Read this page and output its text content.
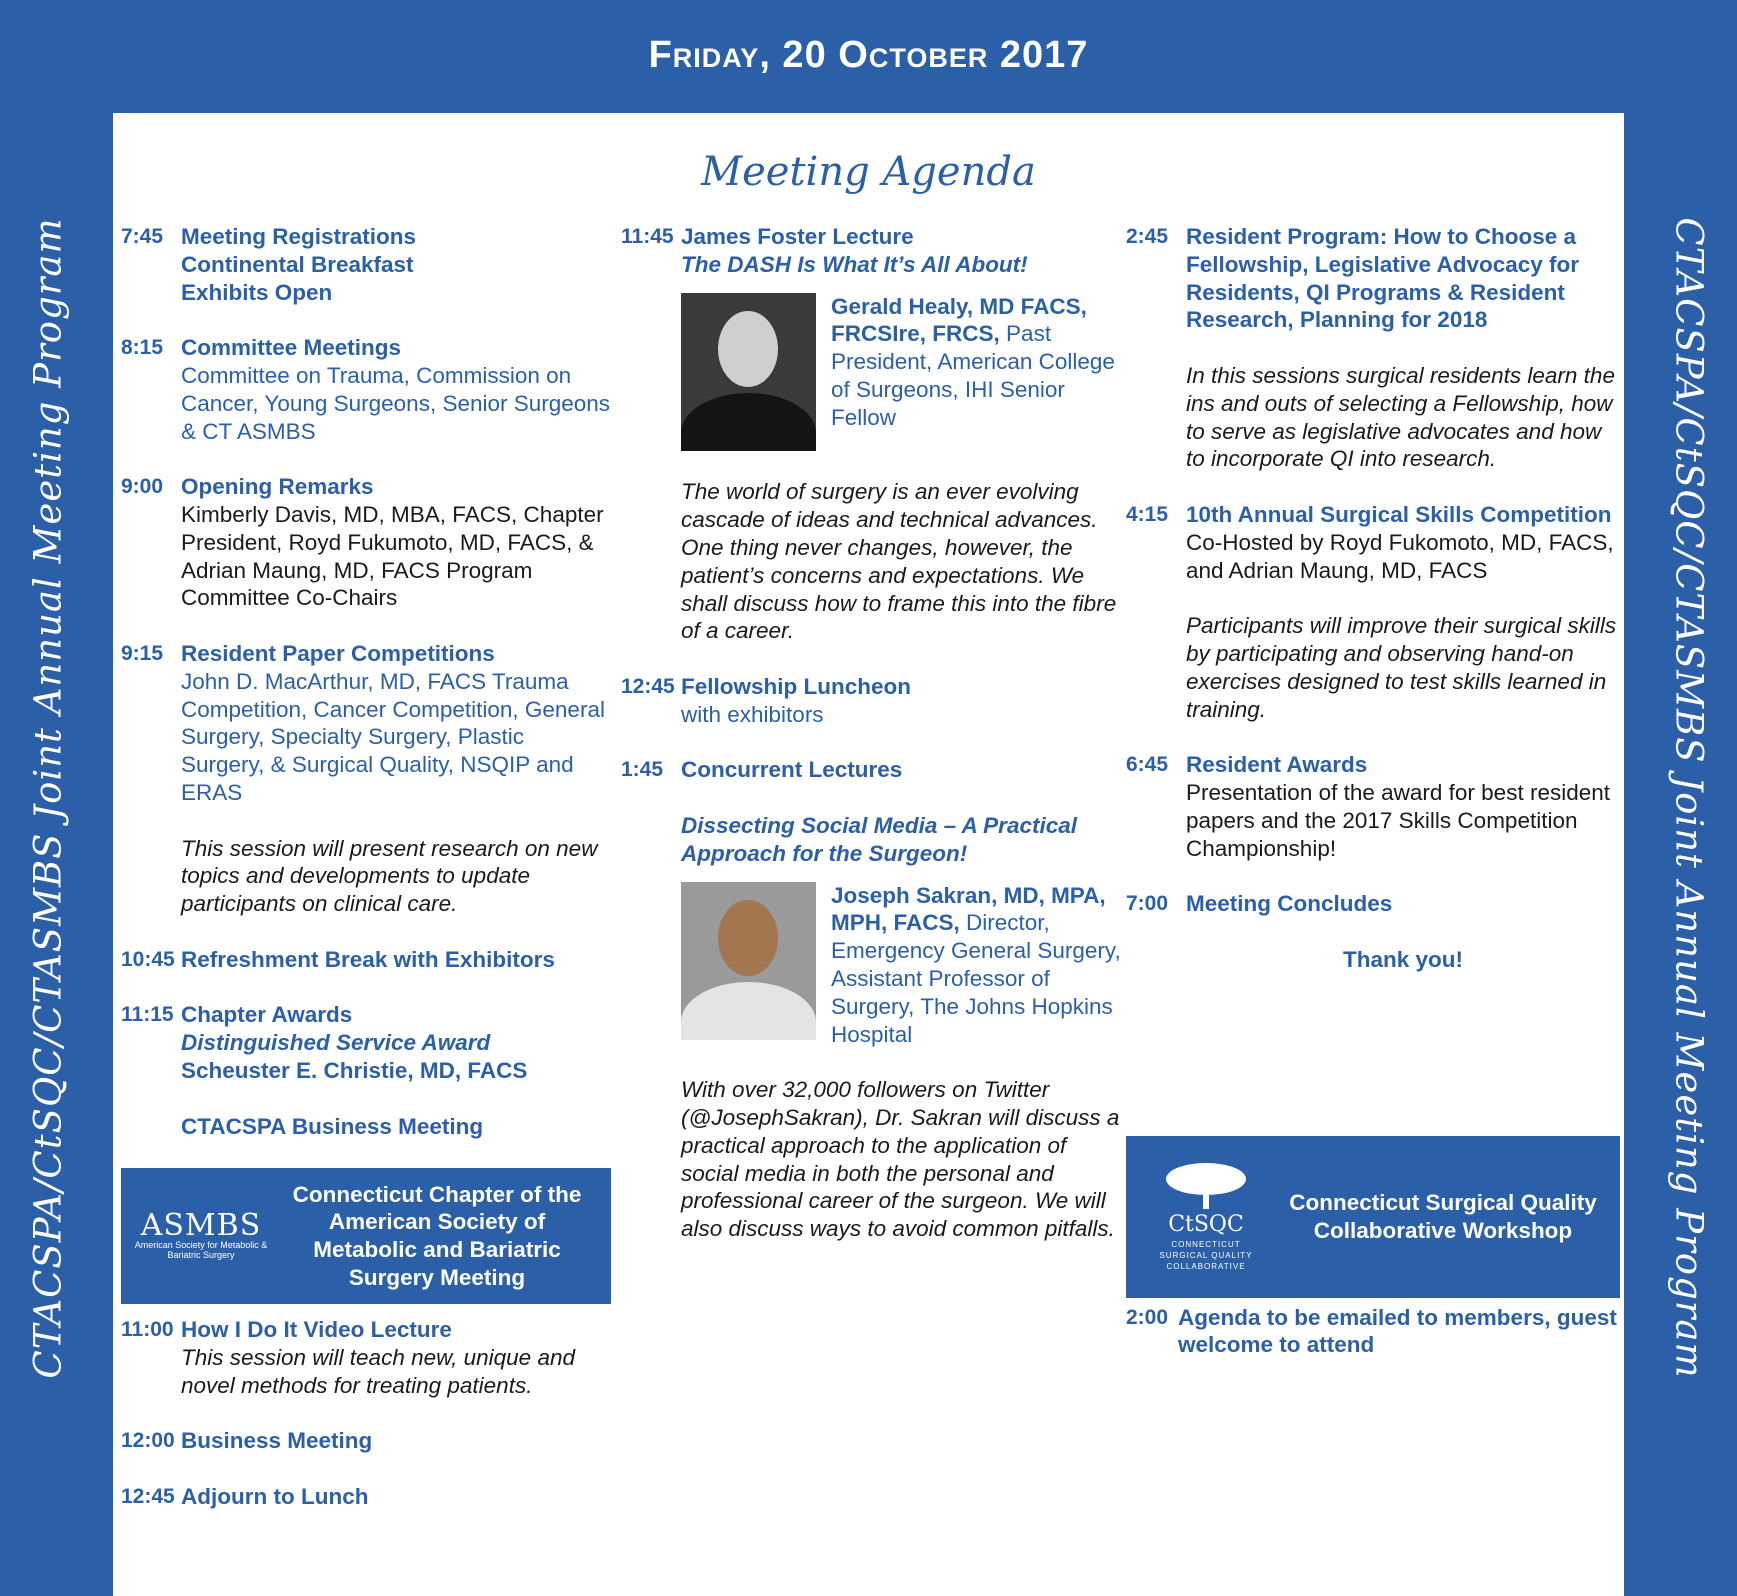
Friday, 20 October 2017
CTACSPA/CtSQC/CTASMBS Joint Annual Meeting Program	CTACSPA/CtSQC/CTASMBS Joint Annual Meeting Program
Meeting Agenda
7:45 Meeting Registrations
Continental Breakfast
Exhibits Open
8:15 Committee Meetings
Committee on Trauma, Commission on Cancer, Young Surgeons, Senior Surgeons & CT ASMBS
9:00 Opening Remarks
Kimberly Davis, MD, MBA, FACS, Chapter President, Royd Fukumoto, MD, FACS, & Adrian Maung, MD, FACS Program Committee Co-Chairs
9:15 Resident Paper Competitions
John D. MacArthur, MD, FACS Trauma Competition, Cancer Competition, General Surgery, Specialty Surgery, Plastic Surgery, & Surgical Quality, NSQIP and ERAS
This session will present research on new topics and developments to update participants on clinical care.
10:45 Refreshment Break with Exhibitors
11:15 Chapter Awards
Distinguished Service Award
Scheuster E. Christie, MD, FACS
CTACSPA Business Meeting
ASMBS
American Society for Metabolic & Bariatric Surgery
Connecticut Chapter of the American Society of Metabolic and Bariatric Surgery Meeting
11:00 How I Do It Video Lecture
This session will teach new, unique and novel methods for treating patients.
12:00 Business Meeting
12:45 Adjourn to Lunch
11:45 James Foster Lecture
The DASH Is What It’s All About!
Gerald Healy, MD FACS, FRCSIre, FRCS, Past President, American College of Surgeons, IHI Senior Fellow
The world of surgery is an ever evolving cascade of ideas and technical advances. One thing never changes, however, the patient’s concerns and expectations. We shall discuss how to frame this into the fibre of a career.
12:45 Fellowship Luncheon
with exhibitors
1:45 Concurrent Lectures
Dissecting Social Media – A Practical Approach for the Surgeon!
Joseph Sakran, MD, MPA, MPH, FACS, Director, Emergency General Surgery, Assistant Professor of Surgery, The Johns Hopkins Hospital
With over 32,000 followers on Twitter (@JosephSakran), Dr. Sakran will discuss a practical approach to the application of social media in both the personal and professional career of the surgeon. We will also discuss ways to avoid common pitfalls.
2:45 Resident Program: How to Choose a Fellowship, Legislative Advocacy for Residents, QI Programs & Resident Research, Planning for 2018
In this sessions surgical residents learn the ins and outs of selecting a Fellowship, how to serve as legislative advocates and how to incorporate QI into research.
4:15 10th Annual Surgical Skills Competition
Co-Hosted by Royd Fukomoto, MD, FACS, and Adrian Maung, MD, FACS
Participants will improve their surgical skills by participating and observing hand-on exercises designed to test skills learned in training.
6:45 Resident Awards
Presentation of the award for best resident papers and the 2017 Skills Competition Championship!
7:00 Meeting Concludes
Thank you!
CtSQC
CONNECTICUT SURGICAL QUALITY COLLABORATIVE
Connecticut Surgical Quality Collaborative Workshop
2:00 Agenda to be emailed to members, guest welcome to attend
